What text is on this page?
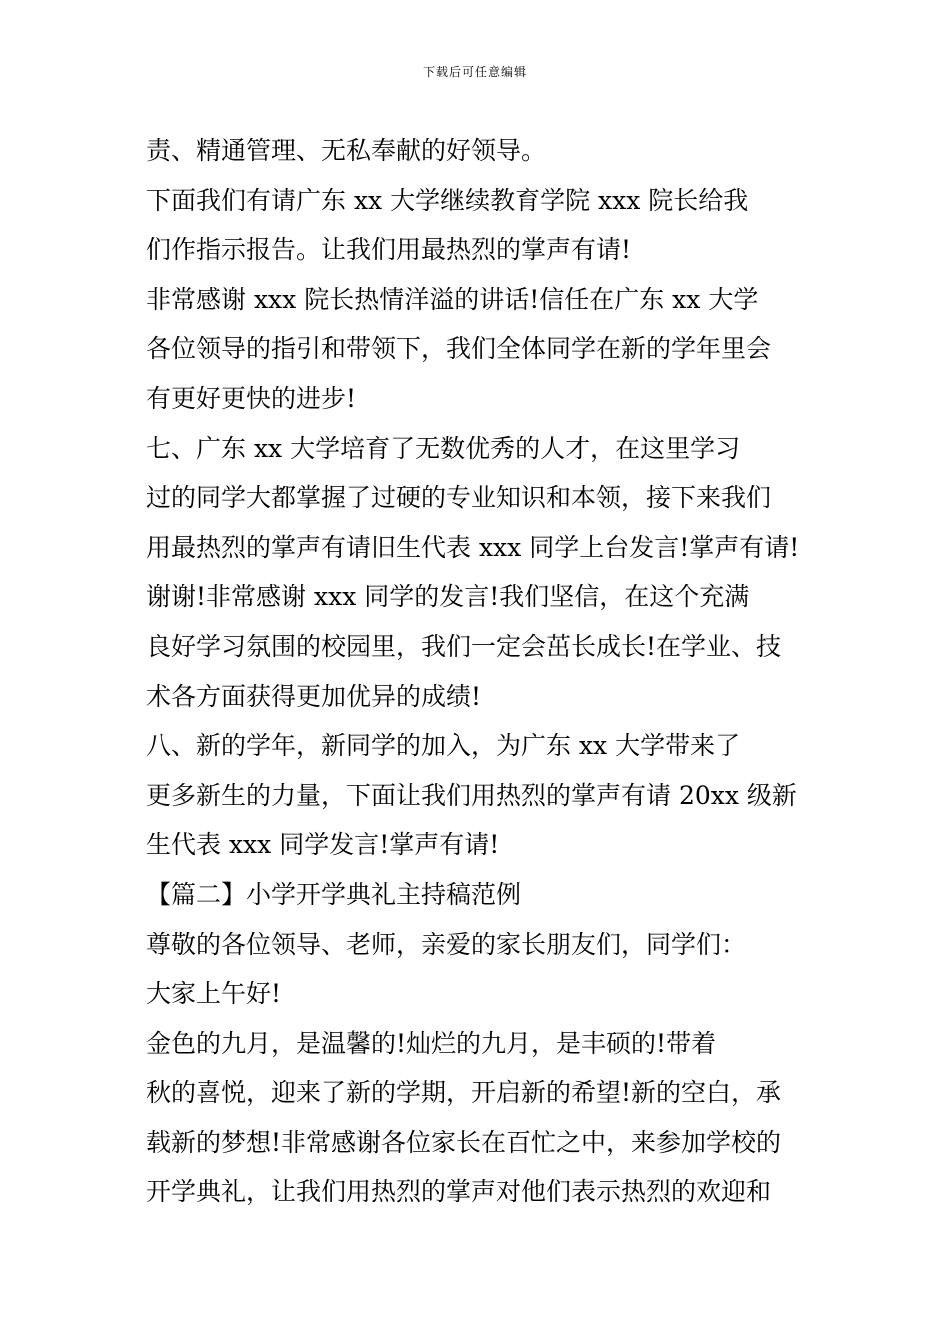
下载后可任意编辑

责、精通管理、无私奉献的好领导。

下面我们有请广东 xx 大学继续教育学院 xxx 院长给我

们作指示报告。让我们用最热烈的掌声有请!

非常感谢 xxx 院长热情洋溢的讲话!信任在广东 xx 大学

各位领导的指引和带领下，我们全体同学在新的学年里会

有更好更快的进步!

七、广东 xx 大学培育了无数优秀的人才，在这里学习

过的同学大都掌握了过硬的专业知识和本领，接下来我们

用最热烈的掌声有请旧生代表 xxx 同学上台发言!掌声有请!

谢谢!非常感谢 xxx 同学的发言!我们坚信，在这个充满

良好学习氛围的校园里，我们一定会茁长成长!在学业、技

术各方面获得更加优异的成绩!

八、新的学年，新同学的加入，为广东 xx 大学带来了

更多新生的力量，下面让我们用热烈的掌声有请 20xx 级新

生代表 xxx 同学发言!掌声有请!

【篇二】小学开学典礼主持稿范例

尊敬的各位领导、老师，亲爱的家长朋友们，同学们：

大家上午好!

金色的九月，是温馨的!灿烂的九月，是丰硕的!带着

秋的喜悦，迎来了新的学期，开启新的希望!新的空白，承

载新的梦想!非常感谢各位家长在百忙之中，来参加学校的

开学典礼，让我们用热烈的掌声对他们表示热烈的欢迎和
